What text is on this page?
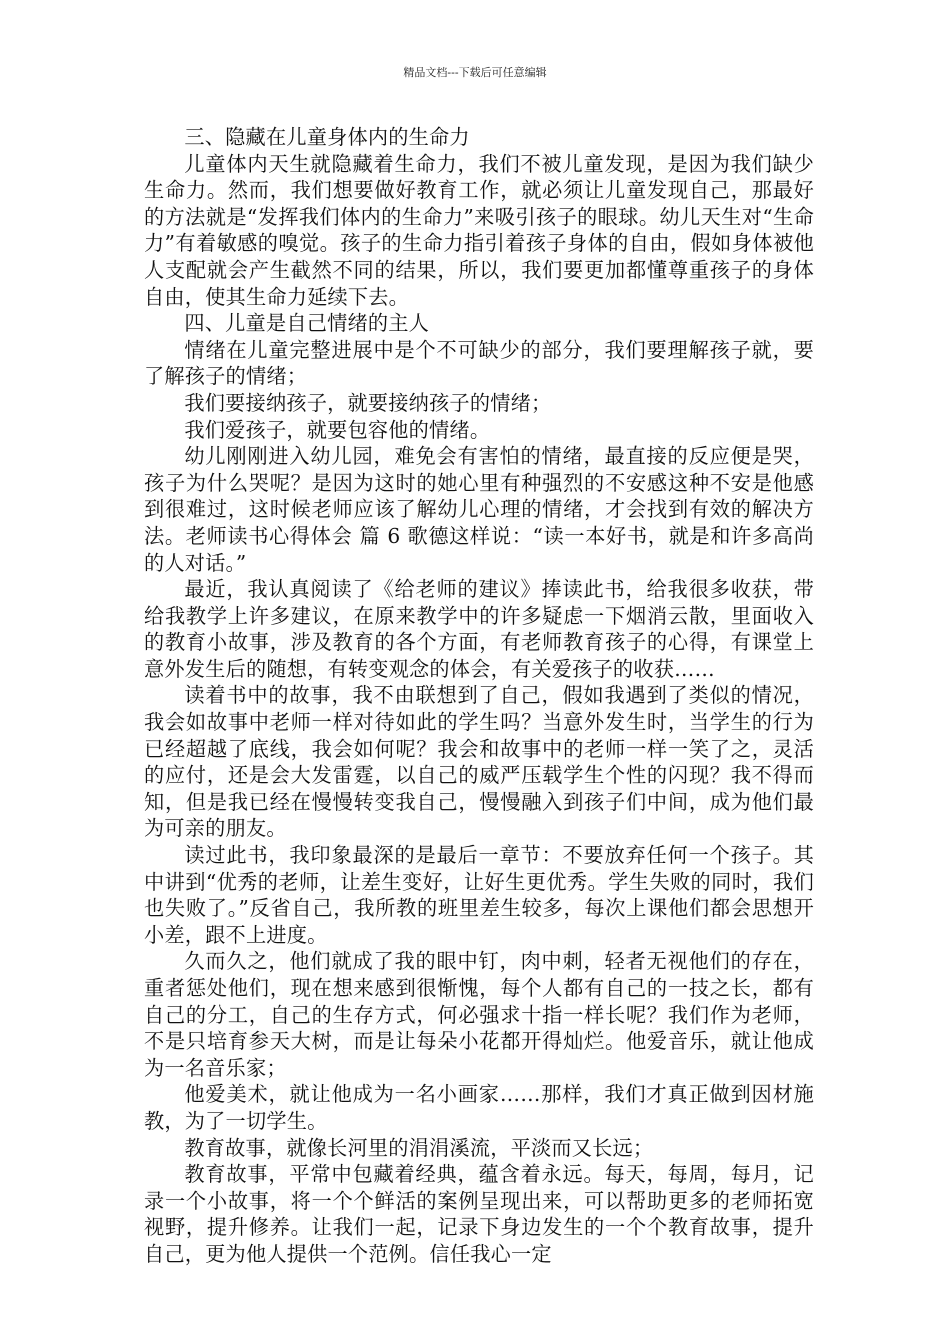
精品文档---下载后可任意编辑

三、隐藏在儿童身体内的生命力

儿童体内天生就隐藏着生命力，我们不被儿童发现，是因为我们缺少生命力。然而，我们想要做好教育工作，就必须让儿童发现自己，那最好的方法就是“发挥我们体内的生命力”来吸引孩子的眼球。幼儿天生对“生命力”有着敏感的嗅觉。孩子的生命力指引着孩子身体的自由，假如身体被他人支配就会产生截然不同的结果，所以，我们要更加都懂尊重孩子的身体自由，使其生命力延续下去。

四、儿童是自己情绪的主人

情绪在儿童完整进展中是个不可缺少的部分，我们要理解孩子就，要了解孩子的情绪；

我们要接纳孩子，就要接纳孩子的情绪；

我们爱孩子，就要包容他的情绪。

幼儿刚刚进入幼儿园，难免会有害怕的情绪，最直接的反应便是哭，孩子为什么哭呢？是因为这时的她心里有种强烈的不安感这种不安是他感到很难过，这时候老师应该了解幼儿心理的情绪，才会找到有效的解决方法。老师读书心得体会 篇 6 歌德这样说：“读一本好书，就是和许多高尚的人对话。”

最近，我认真阅读了《给老师的建议》捧读此书，给我很多收获，带给我教学上许多建议，在原来教学中的许多疑虑一下烟消云散，里面收入的教育小故事，涉及教育的各个方面，有老师教育孩子的心得，有课堂上意外发生后的随想，有转变观念的体会，有关爱孩子的收获……

读着书中的故事，我不由联想到了自己，假如我遇到了类似的情况，我会如故事中老师一样对待如此的学生吗？当意外发生时，当学生的行为已经超越了底线，我会如何呢？我会和故事中的老师一样一笑了之，灵活的应付，还是会大发雷霆，以自己的威严压载学生个性的闪现？我不得而知，但是我已经在慢慢转变我自己，慢慢融入到孩子们中间，成为他们最为可亲的朋友。

读过此书，我印象最深的是最后一章节：不要放弃任何一个孩子。其中讲到“优秀的老师，让差生变好，让好生更优秀。学生失败的同时，我们也失败了。”反省自己，我所教的班里差生较多，每次上课他们都会思想开小差，跟不上进度。

久而久之，他们就成了我的眼中钉，肉中刺，轻者无视他们的存在，重者惩处他们，现在想来感到很惭愧，每个人都有自己的一技之长，都有自己的分工，自己的生存方式，何必强求十指一样长呢？我们作为老师，不是只培育参天大树，而是让每朵小花都开得灿烂。他爱音乐，就让他成为一名音乐家；

他爱美术，就让他成为一名小画家……那样，我们才真正做到因材施教，为了一切学生。

教育故事，就像长河里的涓涓溪流，平淡而又长远；

教育故事，平常中包藏着经典，蕴含着永远。每天，每周，每月，记录一个小故事，将一个个鲜活的案例呈现出来，可以帮助更多的老师拓宽视野，提升修养。让我们一起，记录下身边发生的一个个教育故事，提升自己，更为他人提供一个范例。信任我心一定
